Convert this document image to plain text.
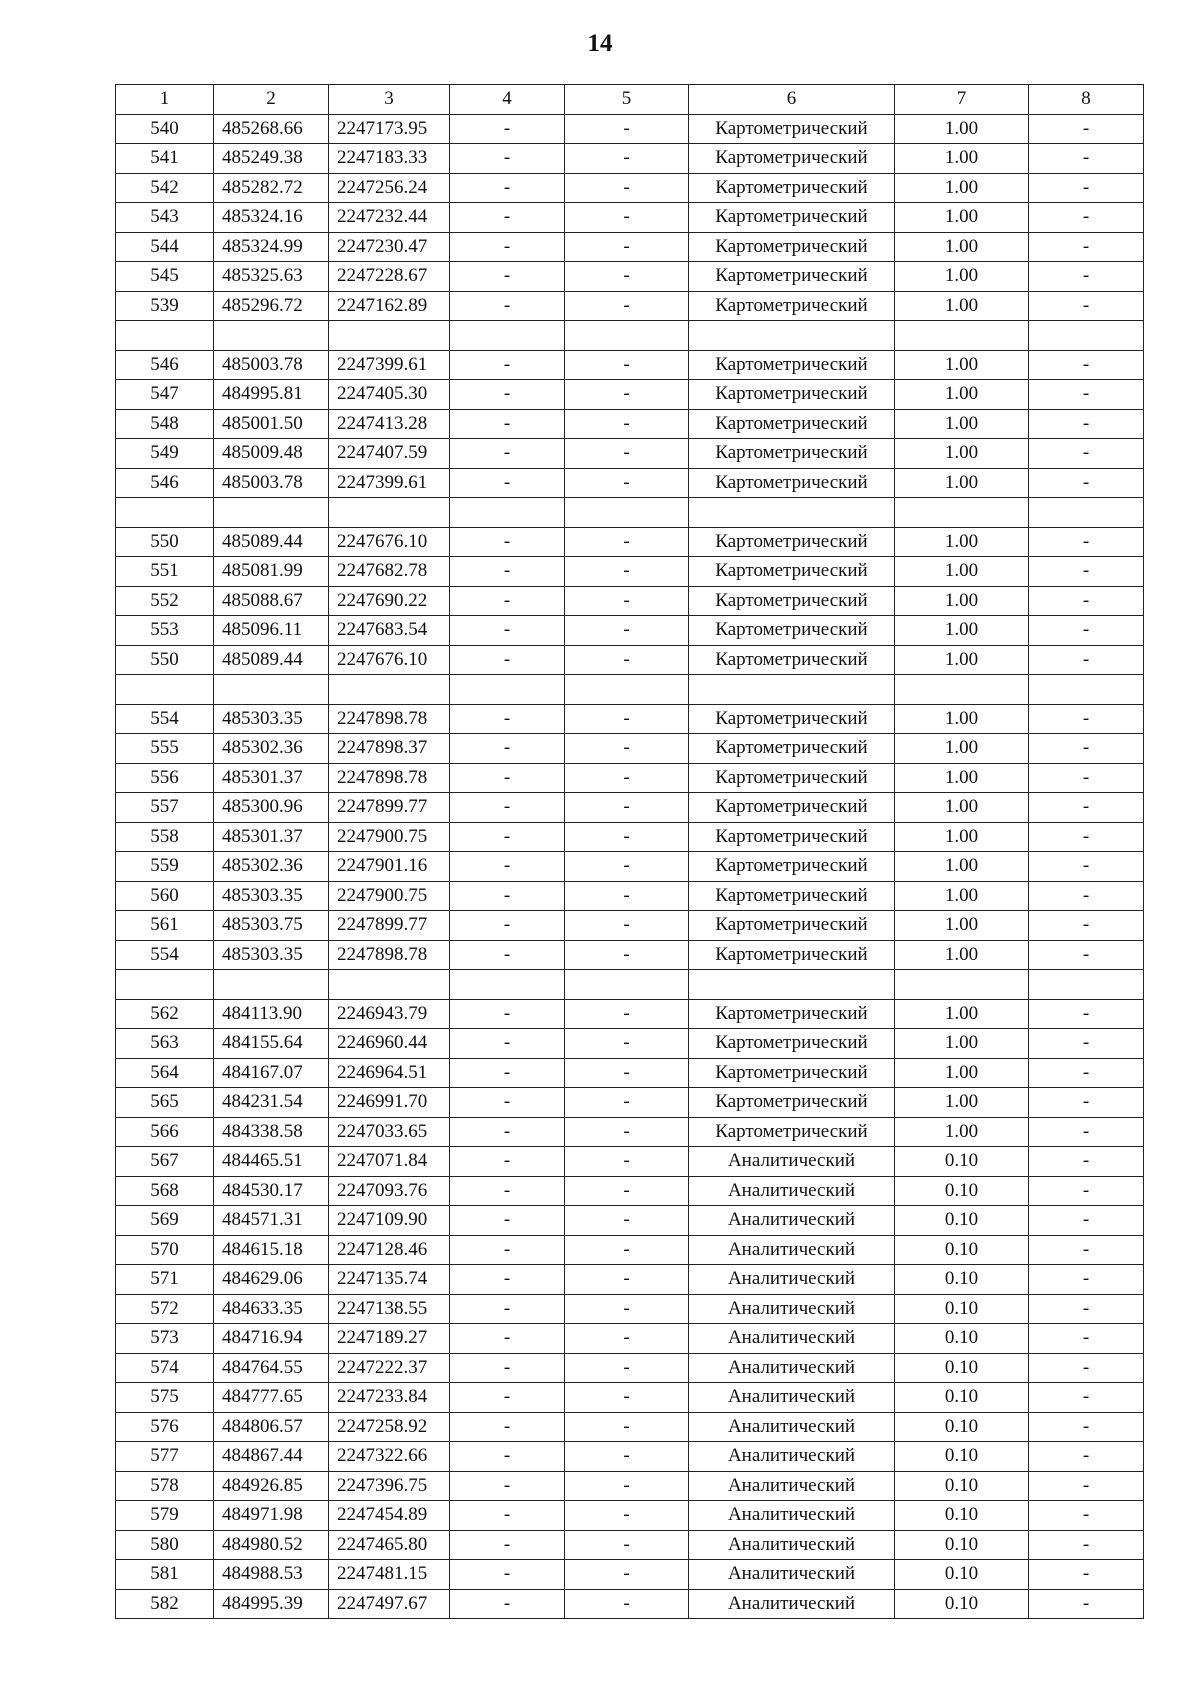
14
1	2	3	4	5	6	7	8
540	485268.66	2247173.95	-	-	Картометрический	1.00	-
541	485249.38	2247183.33	-	-	Картометрический	1.00	-
542	485282.72	2247256.24	-	-	Картометрический	1.00	-
543	485324.16	2247232.44	-	-	Картометрический	1.00	-
544	485324.99	2247230.47	-	-	Картометрический	1.00	-
545	485325.63	2247228.67	-	-	Картометрический	1.00	-
539	485296.72	2247162.89	-	-	Картометрический	1.00	-

546	485003.78	2247399.61	-	-	Картометрический	1.00	-
547	484995.81	2247405.30	-	-	Картометрический	1.00	-
548	485001.50	2247413.28	-	-	Картометрический	1.00	-
549	485009.48	2247407.59	-	-	Картометрический	1.00	-
546	485003.78	2247399.61	-	-	Картометрический	1.00	-

550	485089.44	2247676.10	-	-	Картометрический	1.00	-
551	485081.99	2247682.78	-	-	Картометрический	1.00	-
552	485088.67	2247690.22	-	-	Картометрический	1.00	-
553	485096.11	2247683.54	-	-	Картометрический	1.00	-
550	485089.44	2247676.10	-	-	Картометрический	1.00	-

554	485303.35	2247898.78	-	-	Картометрический	1.00	-
555	485302.36	2247898.37	-	-	Картометрический	1.00	-
556	485301.37	2247898.78	-	-	Картометрический	1.00	-
557	485300.96	2247899.77	-	-	Картометрический	1.00	-
558	485301.37	2247900.75	-	-	Картометрический	1.00	-
559	485302.36	2247901.16	-	-	Картометрический	1.00	-
560	485303.35	2247900.75	-	-	Картометрический	1.00	-
561	485303.75	2247899.77	-	-	Картометрический	1.00	-
554	485303.35	2247898.78	-	-	Картометрический	1.00	-

562	484113.90	2246943.79	-	-	Картометрический	1.00	-
563	484155.64	2246960.44	-	-	Картометрический	1.00	-
564	484167.07	2246964.51	-	-	Картометрический	1.00	-
565	484231.54	2246991.70	-	-	Картометрический	1.00	-
566	484338.58	2247033.65	-	-	Картометрический	1.00	-
567	484465.51	2247071.84	-	-	Аналитический	0.10	-
568	484530.17	2247093.76	-	-	Аналитический	0.10	-
569	484571.31	2247109.90	-	-	Аналитический	0.10	-
570	484615.18	2247128.46	-	-	Аналитический	0.10	-
571	484629.06	2247135.74	-	-	Аналитический	0.10	-
572	484633.35	2247138.55	-	-	Аналитический	0.10	-
573	484716.94	2247189.27	-	-	Аналитический	0.10	-
574	484764.55	2247222.37	-	-	Аналитический	0.10	-
575	484777.65	2247233.84	-	-	Аналитический	0.10	-
576	484806.57	2247258.92	-	-	Аналитический	0.10	-
577	484867.44	2247322.66	-	-	Аналитический	0.10	-
578	484926.85	2247396.75	-	-	Аналитический	0.10	-
579	484971.98	2247454.89	-	-	Аналитический	0.10	-
580	484980.52	2247465.80	-	-	Аналитический	0.10	-
581	484988.53	2247481.15	-	-	Аналитический	0.10	-
582	484995.39	2247497.67	-	-	Аналитический	0.10	-
